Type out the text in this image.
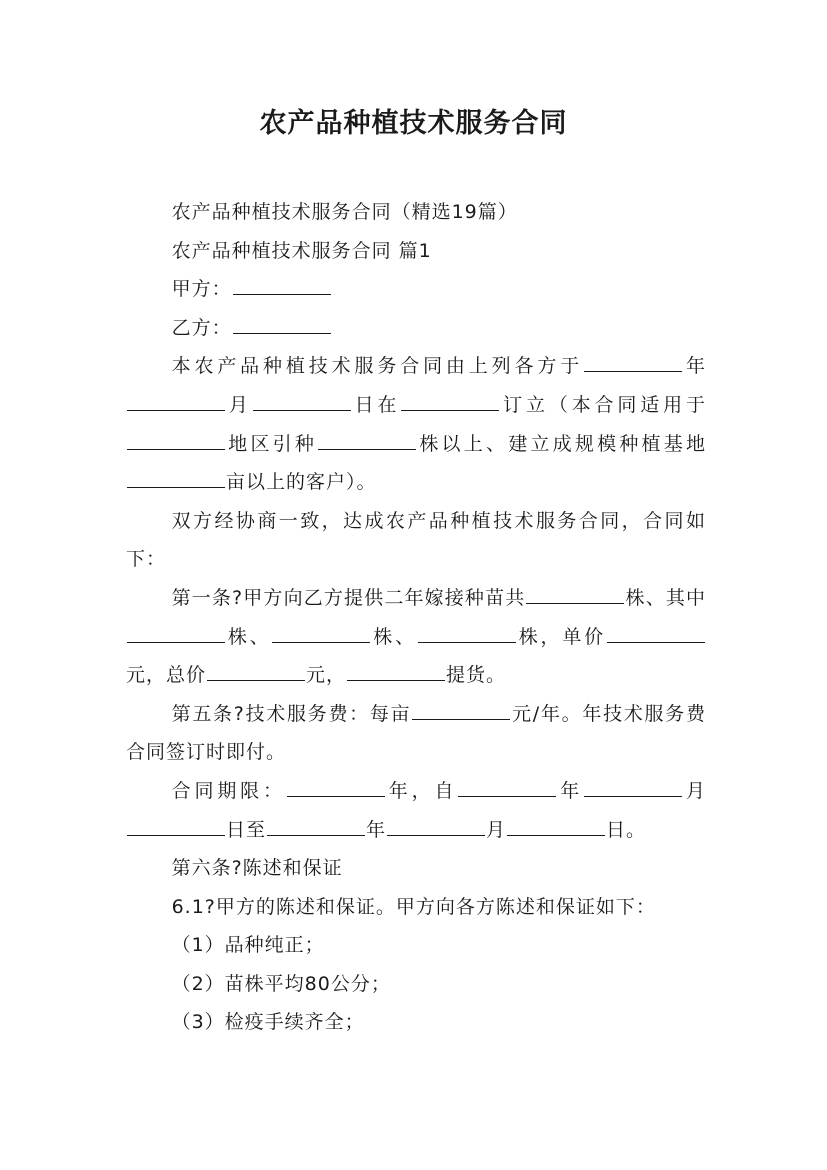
农产品种植技术服务合同

农产品种植技术服务合同（精选19篇）

农产品种植技术服务合同 篇1

甲方：

乙方：

本农产品种植技术服务合同由上列各方于	年月	日在	订立（本合同适用于地区引种	株以上、建立成规模种植基地亩以上的客户）。

双方经协商一致，达成农产品种植技术服务合同，合同如下：

第一条?甲方向乙方提供二年嫁接种苗共	株、其中株、	株、	株，单价元，总价	元，	提货。

第五条?技术服务费：每亩	元/年。年技术服务费合同签订时即付。

合同期限：	年，自	年	月日至	年	月	日。

第六条?陈述和保证

6.1?甲方的陈述和保证。甲方向各方陈述和保证如下：

（1）品种纯正；

（2）苗株平均80公分；

（3）检疫手续齐全；
